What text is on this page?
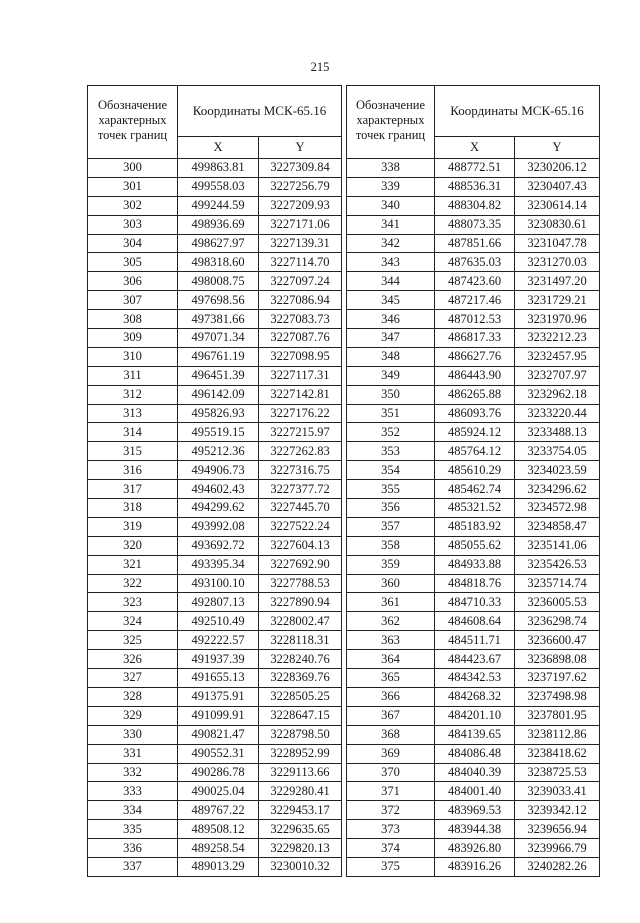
215
Обозначение
характерных
точек границ	Координаты МСК-65.16	
	X	Y
300	499863.81	3227309.84
301	499558.03	3227256.79
302	499244.59	3227209.93
303	498936.69	3227171.06
304	498627.97	3227139.31
305	498318.60	3227114.70
306	498008.75	3227097.24
307	497698.56	3227086.94
308	497381.66	3227083.73
309	497071.34	3227087.76
310	496761.19	3227098.95
311	496451.39	3227117.31
312	496142.09	3227142.81
313	495826.93	3227176.22
314	495519.15	3227215.97
315	495212.36	3227262.83
316	494906.73	3227316.75
317	494602.43	3227377.72
318	494299.62	3227445.70
319	493992.08	3227522.24
320	493692.72	3227604.13
321	493395.34	3227692.90
322	493100.10	3227788.53
323	492807.13	3227890.94
324	492510.49	3228002.47
325	492222.57	3228118.31
326	491937.39	3228240.76
327	491655.13	3228369.76
328	491375.91	3228505.25
329	491099.91	3228647.15
330	490821.47	3228798.50
331	490552.31	3228952.99
332	490286.78	3229113.66
333	490025.04	3229280.41
334	489767.22	3229453.17
335	489508.12	3229635.65
336	489258.54	3229820.13
337	489013.29	3230010.32
Обозначение
характерных
точек границ	Координаты МСК-65.16	
	X	Y
338	488772.51	3230206.12
339	488536.31	3230407.43
340	488304.82	3230614.14
341	488073.35	3230830.61
342	487851.66	3231047.78
343	487635.03	3231270.03
344	487423.60	3231497.20
345	487217.46	3231729.21
346	487012.53	3231970.96
347	486817.33	3232212.23
348	486627.76	3232457.95
349	486443.90	3232707.97
350	486265.88	3232962.18
351	486093.76	3233220.44
352	485924.12	3233488.13
353	485764.12	3233754.05
354	485610.29	3234023.59
355	485462.74	3234296.62
356	485321.52	3234572.98
357	485183.92	3234858.47
358	485055.62	3235141.06
359	484933.88	3235426.53
360	484818.76	3235714.74
361	484710.33	3236005.53
362	484608.64	3236298.74
363	484511.71	3236600.47
364	484423.67	3236898.08
365	484342.53	3237197.62
366	484268.32	3237498.98
367	484201.10	3237801.95
368	484139.65	3238112.86
369	484086.48	3238418.62
370	484040.39	3238725.53
371	484001.40	3239033.41
372	483969.53	3239342.12
373	483944.38	3239656.94
374	483926.80	3239966.79
375	483916.26	3240282.26
